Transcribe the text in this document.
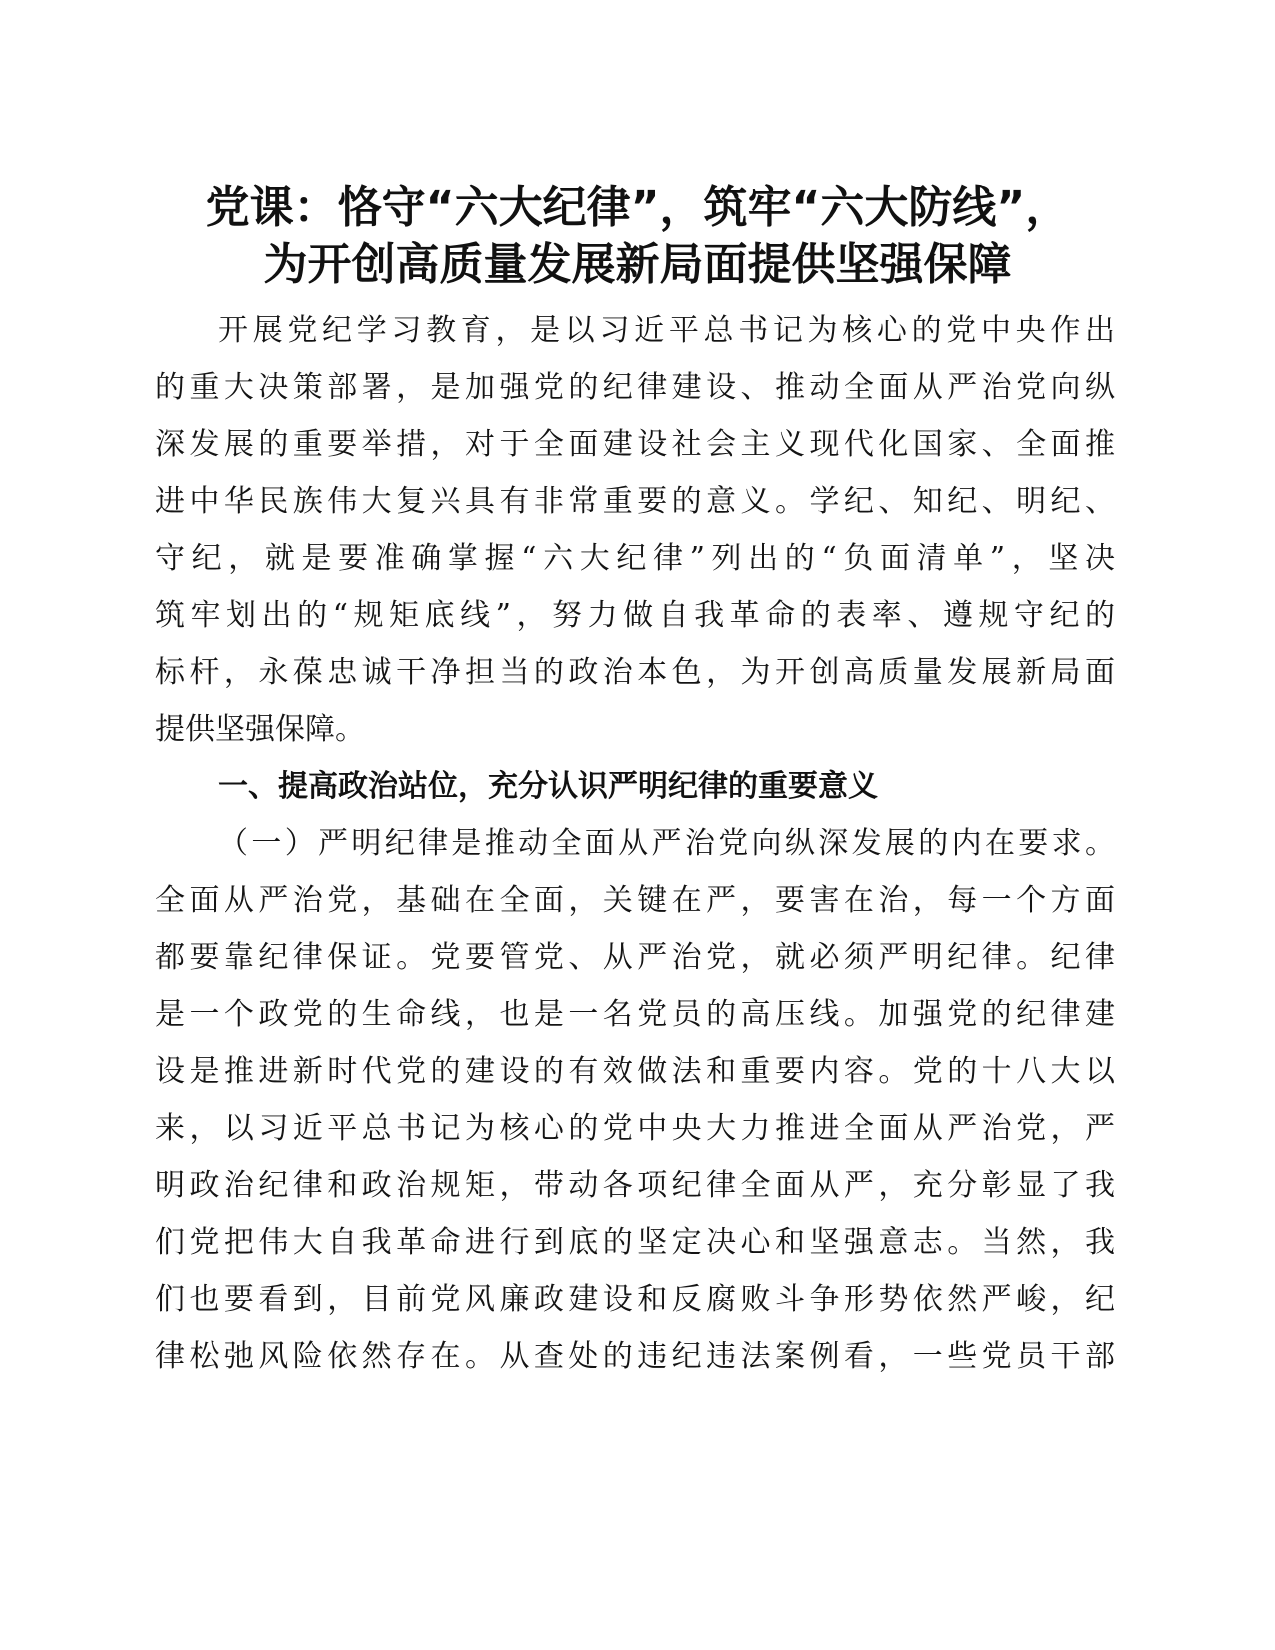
党课：恪守“六大纪律”，筑牢“六大防线”，
为开创高质量发展新局面提供坚强保障
开展党纪学习教育，是以习近平总书记为核心的党中央作出
的重大决策部署，是加强党的纪律建设、推动全面从严治党向纵
深发展的重要举措，对于全面建设社会主义现代化国家、全面推
进中华民族伟大复兴具有非常重要的意义。学纪、知纪、明纪、
守纪，就是要准确掌握“六大纪律”列出的“负面清单”，坚决
筑牢划出的“规矩底线”，努力做自我革命的表率、遵规守纪的
标杆，永葆忠诚干净担当的政治本色，为开创高质量发展新局面
提供坚强保障。
一、提高政治站位，充分认识严明纪律的重要意义
（一）严明纪律是推动全面从严治党向纵深发展的内在要求。
全面从严治党，基础在全面，关键在严，要害在治，每一个方面
都要靠纪律保证。党要管党、从严治党，就必须严明纪律。纪律
是一个政党的生命线，也是一名党员的高压线。加强党的纪律建
设是推进新时代党的建设的有效做法和重要内容。党的十八大以
来，以习近平总书记为核心的党中央大力推进全面从严治党，严
明政治纪律和政治规矩，带动各项纪律全面从严，充分彰显了我
们党把伟大自我革命进行到底的坚定决心和坚强意志。当然，我
们也要看到，目前党风廉政建设和反腐败斗争形势依然严峻，纪
律松弛风险依然存在。从查处的违纪违法案例看，一些党员干部
